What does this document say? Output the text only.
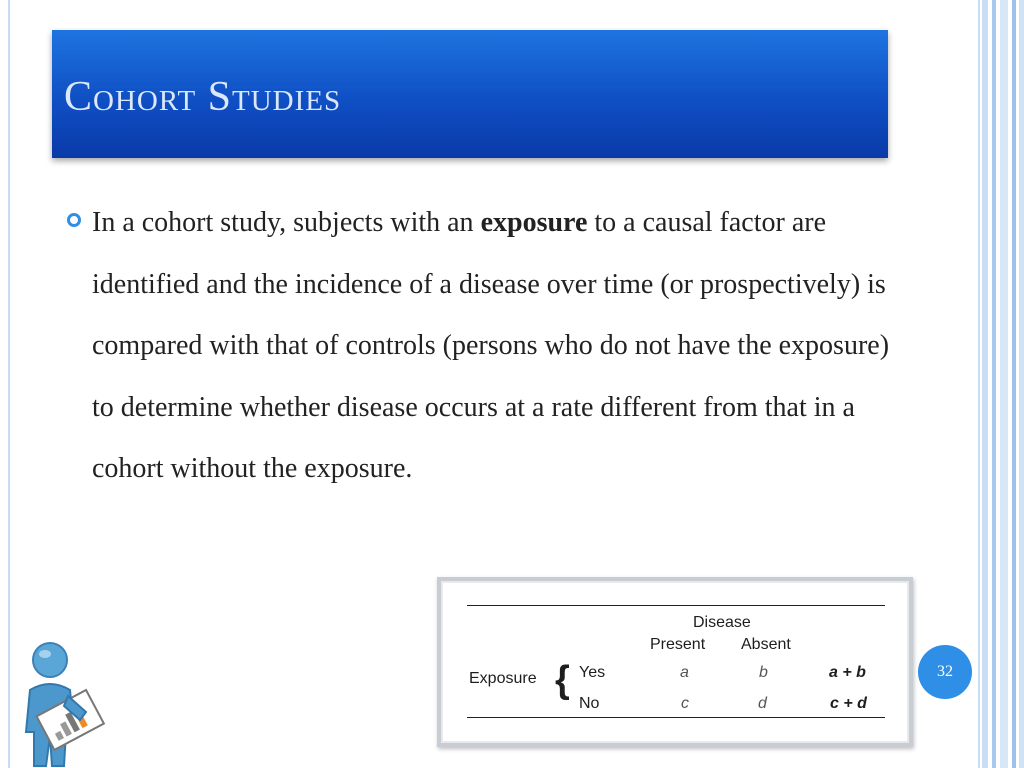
Cohort Studies
In a cohort study, subjects with an exposure to a causal factor are identified and the incidence of a disease over time (or prospectively) is compared with that of controls (persons who do not have the exposure) to determine whether disease occurs at a rate different from that in a cohort without the exposure.
32
Disease
Present Absent
Exposure { Yes	a	b	a + b
No	c	d	c + d
